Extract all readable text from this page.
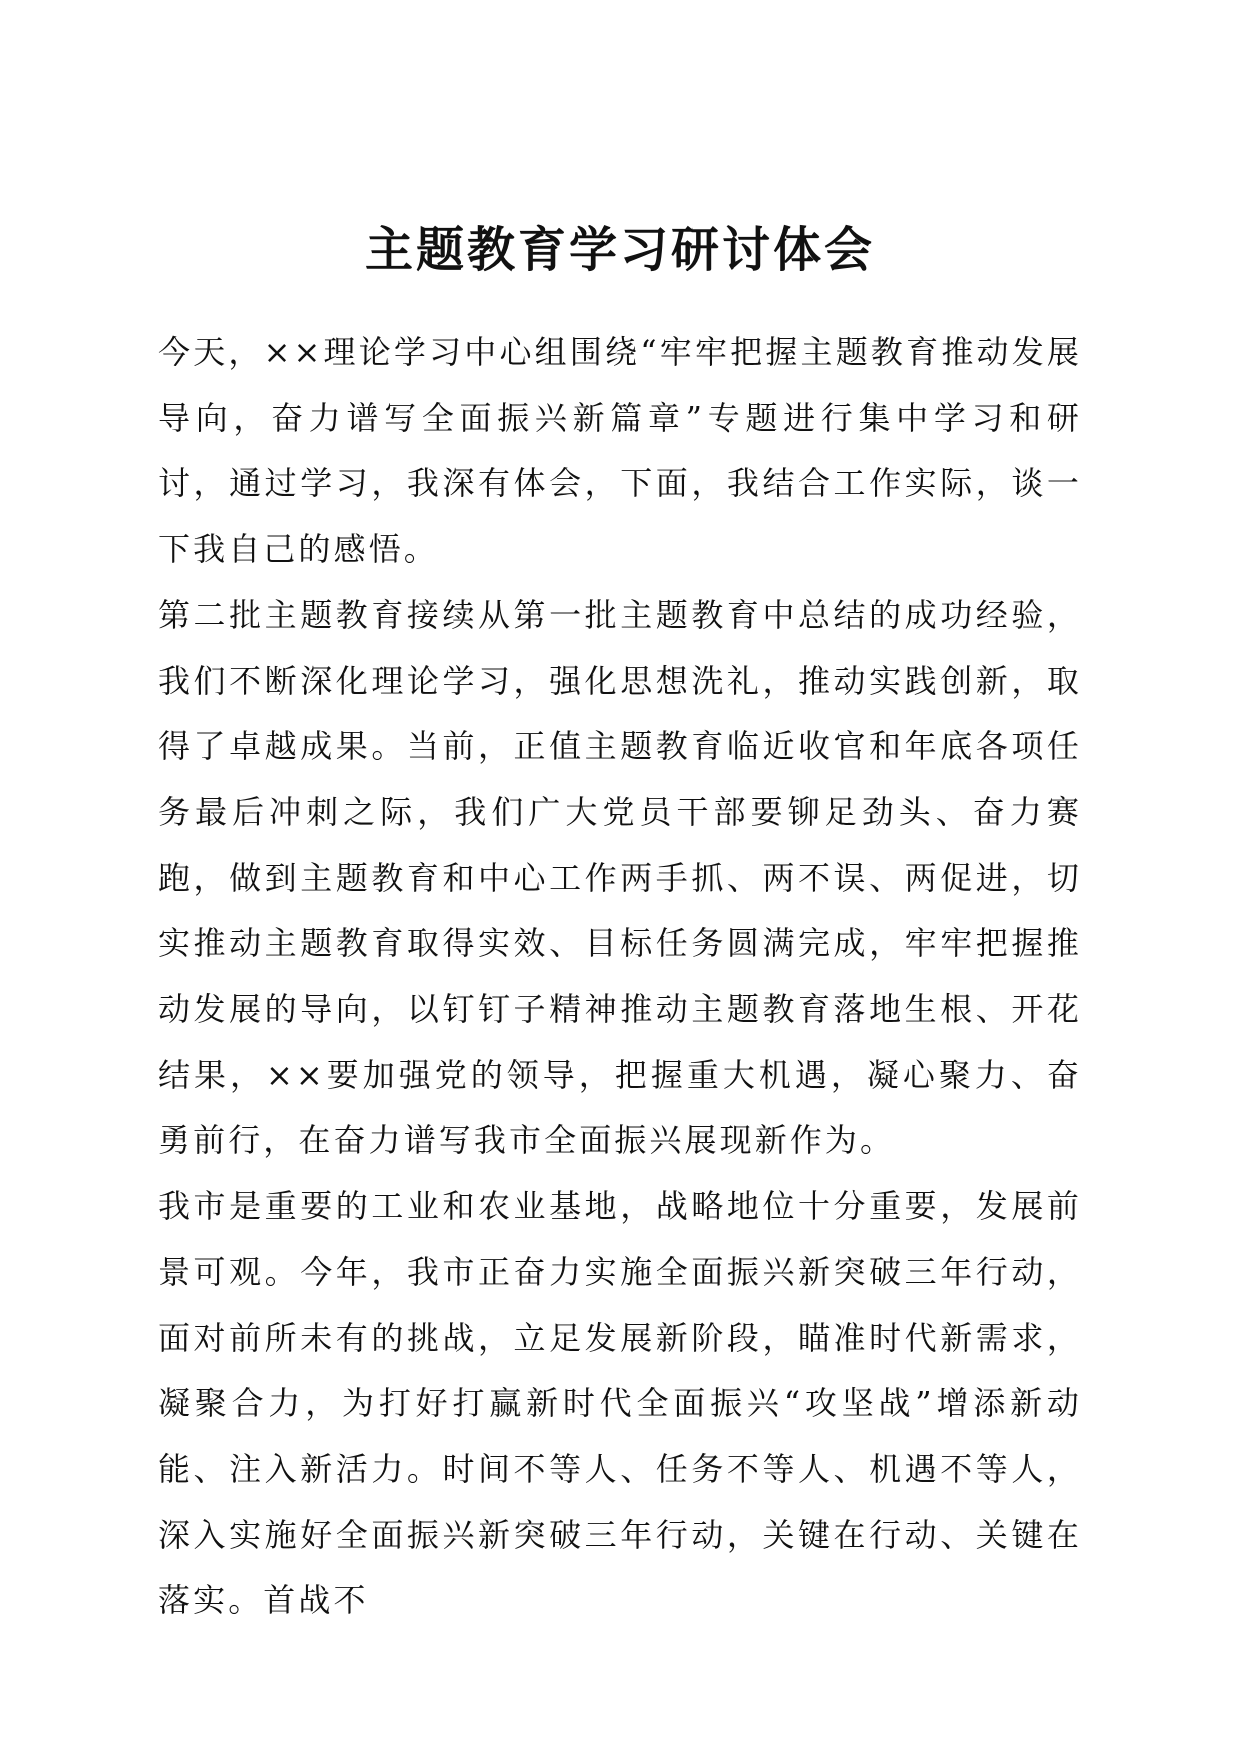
主题教育学习研讨体会

今天，××理论学习中心组围绕“牢牢把握主题教育推动发展导向，奋力谱写全面振兴新篇章”专题进行集中学习和研讨，通过学习，我深有体会，下面，我结合工作实际，谈一下我自己的感悟。

第二批主题教育接续从第一批主题教育中总结的成功经验，我们不断深化理论学习，强化思想洗礼，推动实践创新，取得了卓越成果。当前，正值主题教育临近收官和年底各项任务最后冲刺之际，我们广大党员干部要铆足劲头、奋力赛跑，做到主题教育和中心工作两手抓、两不误、两促进，切实推动主题教育取得实效、目标任务圆满完成，牢牢把握推动发展的导向，以钉钉子精神推动主题教育落地生根、开花结果，××要加强党的领导，把握重大机遇，凝心聚力、奋勇前行，在奋力谱写我市全面振兴展现新作为。

我市是重要的工业和农业基地，战略地位十分重要，发展前景可观。今年，我市正奋力实施全面振兴新突破三年行动，面对前所未有的挑战，立足发展新阶段，瞄准时代新需求，凝聚合力，为打好打赢新时代全面振兴“攻坚战”增添新动能、注入新活力。时间不等人、任务不等人、机遇不等人，深入实施好全面振兴新突破三年行动，关键在行动、关键在落实。首战不
